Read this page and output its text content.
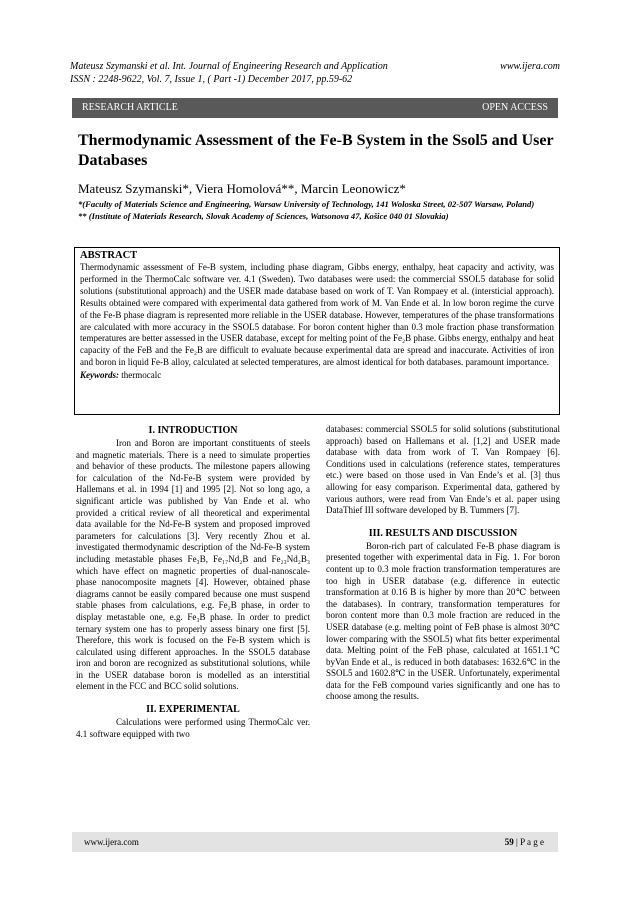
Mateusz Szymanski et al. Int. Journal of Engineering Research and Application
ISSN : 2248-9622, Vol. 7, Issue 1, ( Part -1) December 2017, pp.59-62
www.ijera.com
RESEARCH ARTICLE	OPEN ACCESS
Thermodynamic Assessment of the Fe-B System in the Ssol5 and User Databases
Mateusz Szymanski*, Viera Homolová**, Marcin Leonowicz*

*(Faculty of Materials Science and Engineering, Warsaw University of Technology, 141 Woloska Street, 02-507 Warsaw, Poland)

** (Institute of Materials Research, Slovak Academy of Sciences, Watsonova 47, Košice 040 01 Slovakia)

ABSTRACT
Thermodynamic assessment of Fe-B system, including phase diagram, Gibbs energy, enthalpy, heat capacity and activity, was performed in the ThermoCalc software ver. 4.1 (Sweden). Two databases were used: the commercial SSOL5 database for solid solutions (substitutional approach) and the USER made database based on work of T. Van Rompaey et al. (intersticial approach). Results obtained were compared with experimental data gathered from work of M. Van Ende et al. In low boron regime the curve of the Fe-B phase diagram is represented more reliable in the USER database. However, temperatures of the phase transformations are calculated with more accuracy in the SSOL5 database. For boron content higher than 0.3 mole fraction phase transformation temperatures are better assessed in the USER database, except for melting point of the Fe₂B phase. Gibbs energy, enthalpy and heat capacity of the FeB and the Fe₂B are difficult to evaluate because experimental data are spread and inaccurate. Activities of iron and boron in liquid Fe-B alloy, calculated at selected temperatures, are almost identical for both databases. paramount importance.
Keywords: thermocalc
I. INTRODUCTION

Iron and Boron are important constituents of steels and magnetic materials. There is a need to simulate properties and behavior of these products. The milestone papers allowing for calculation of the Nd-Fe-B system were provided by Hallemans et al. in 1994 [1] and 1995 [2]. Not so long ago, a significant article was published by Van Ende et al. who provided a critical review of all theoretical and experimental data available for the Nd-Fe-B system and proposed improved parameters for calculations [3]. Very recently Zhou et al. investigated thermodynamic description of the Nd-Fe-B system including metastable phases Fe₃B, Fe₁₇Nd₂B and Fe₂₃Nd₂B₃ which have effect on magnetic properties of dual-nanoscale-phase nanocomposite magnets [4]. However, obtained phase diagrams cannot be easily compared because one must suspend stable phases from calculations, e.g. Fe₂B phase, in order to display metastable one, e.g. Fe₃B phase. In order to predict ternary system one has to properly assess binary one first [5]. Therefore, this work is focused on the Fe-B system which is calculated using different approaches. In the SSOL5 database iron and boron are recognized as substitutional solutions, while in the USER database boron is modelled as an interstitial element in the FCC and BCC solid solutions.

II. EXPERIMENTAL

Calculations were performed using ThermoCalc ver. 4.1 software equipped with two

databases: commercial SSOL5 for solid solutions (substitutional approach) based on Hallemans et al. [1,2] and USER made database with data from work of T. Van Rompaey [6]. Conditions used in calculations (reference states, temperatures etc.) were based on those used in Van Ende’s et al. [3] thus allowing for easy comparison. Experimental data, gathered by various authors, were read from Van Ende’s et al. paper using DataThief III software developed by B. Tummers [7].

III. RESULTS AND DISCUSSION

Boron-rich part of calculated Fe-B phase diagram is presented together with experimental data in Fig. 1. For boron content up to 0.3 mole fraction transformation temperatures are too high in USER database (e.g. difference in eutectic transformation at 0.16 B is higher by more than 20℃ between the databases). In contrary, transformation temperatures for boron content more than 0.3 mole fraction are reduced in the USER database (e.g. melting point of FeB phase is almost 30℃ lower comparing with the SSOL5) what fits better experimental data. Melting point of the FeB phase, calculated at 1651.1℃ byVan Ende et al., is reduced in both databases: 1632.6℃ in the SSOL5 and 1602.8℃ in the USER. Unfortunately, experimental data for the FeB compound varies significantly and one has to choose among the results.

www.ijera.com	59 | P a g e
